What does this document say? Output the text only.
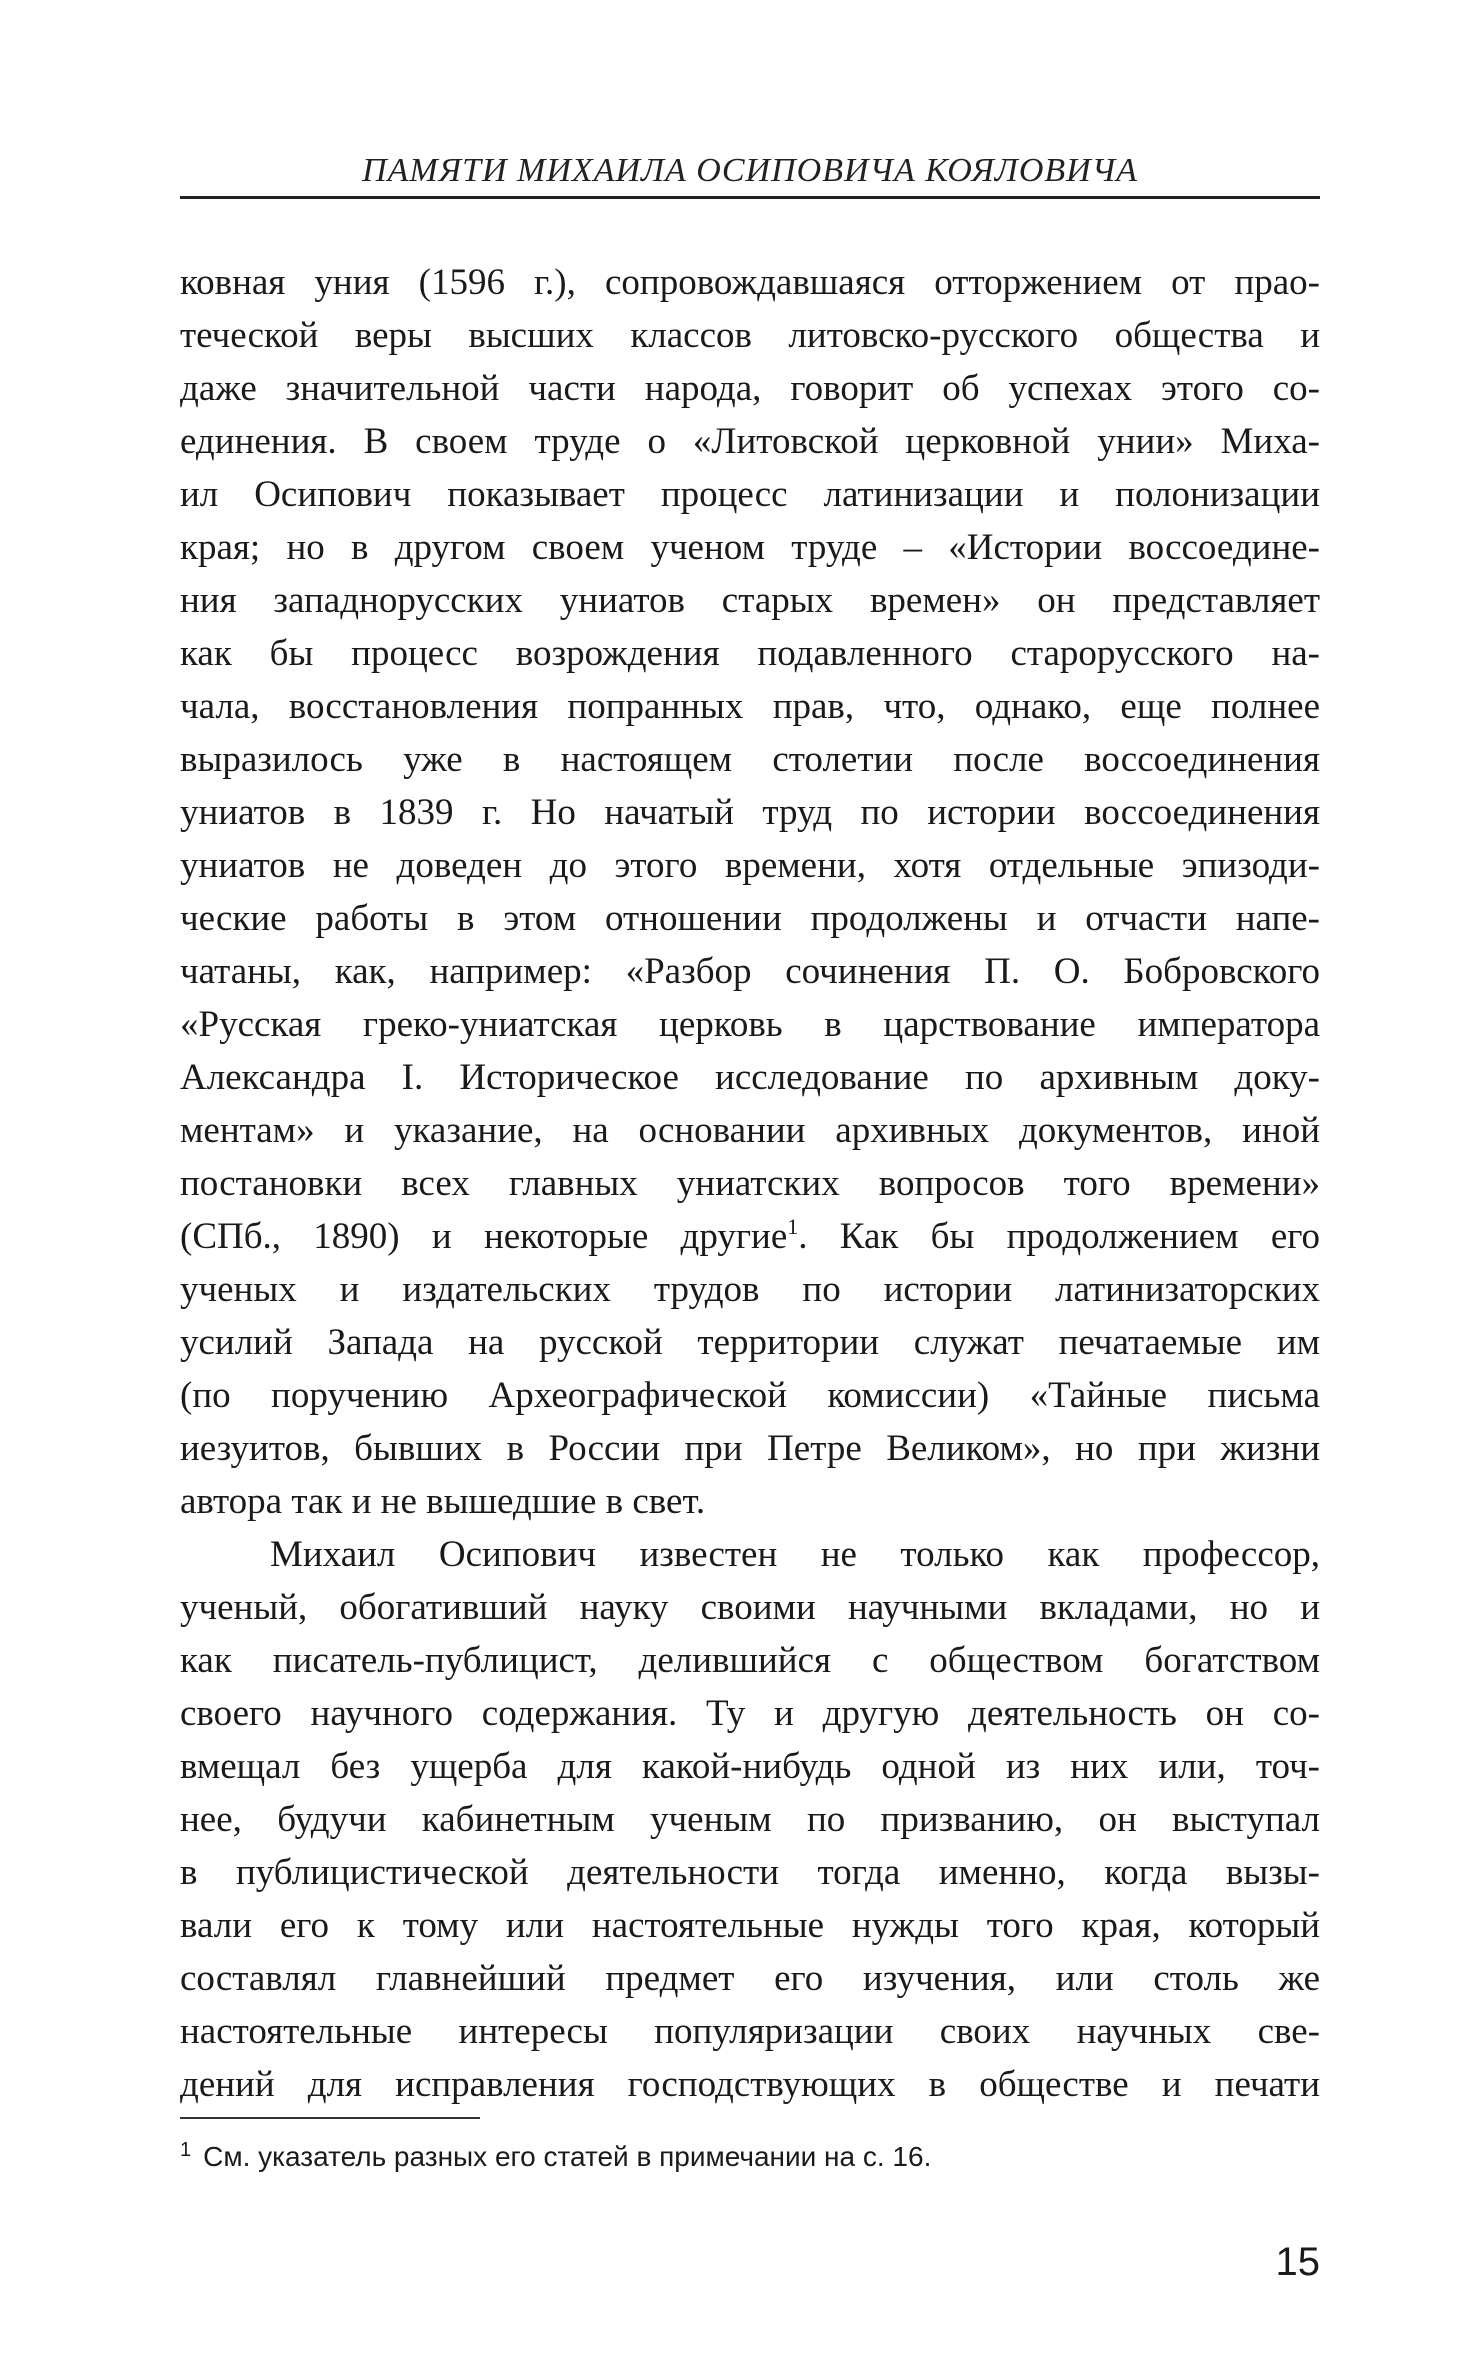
ПАМЯТИ МИХАИЛА ОСИПОВИЧА КОЯЛОВИЧА
ковная уния (1596 г.), сопровождавшаяся отторжением от прао-
теческой веры высших классов литовско-русского общества и
даже значительной части народа, говорит об успехах этого со-
единения. В своем труде о «Литовской церковной унии» Миха-
ил Осипович показывает процесс латинизации и полонизации
края; но в другом своем ученом труде – «Истории воссоедине-
ния западнорусских униатов старых времен» он представляет
как бы процесс возрождения подавленного старорусского на-
чала, восстановления попранных прав, что, однако, еще полнее
выразилось уже в настоящем столетии после воссоединения
униатов в 1839 г. Но начатый труд по истории воссоединения
униатов не доведен до этого времени, хотя отдельные эпизоди-
ческие работы в этом отношении продолжены и отчасти напе-
чатаны, как, например: «Разбор сочинения П. О. Бобровского
«Русская греко-униатская церковь в царствование императора
Александра I. Историческое исследование по архивным доку-
ментам» и указание, на основании архивных документов, иной
постановки всех главных униатских вопросов того времени»
(СПб., 1890) и некоторые другие$^1$. Как бы продолжением его
ученых и издательских трудов по истории латинизаторских
усилий Запада на русской территории служат печатаемые им
(по поручению Археографической комиссии) «Тайные письма
иезуитов, бывших в России при Петре Великом», но при жизни
автора так и не вышедшие в свет.
Михаил Осипович известен не только как профессор,
ученый, обогативший науку своими научными вкладами, но и
как писатель-публицист, делившийся с обществом богатством
своего научного содержания. Ту и другую деятельность он со-
вмещал без ущерба для какой-нибудь одной из них или, точ-
нее, будучи кабинетным ученым по призванию, он выступал
в публицистической деятельности тогда именно, когда вызы-
вали его к тому или настоятельные нужды того края, который
составлял главнейший предмет его изучения, или столь же
настоятельные интересы популяризации своих научных све-
дений для исправления господствующих в обществе и печати
$^1$ См. указатель разных его статей в примечании на с. 16.
15
